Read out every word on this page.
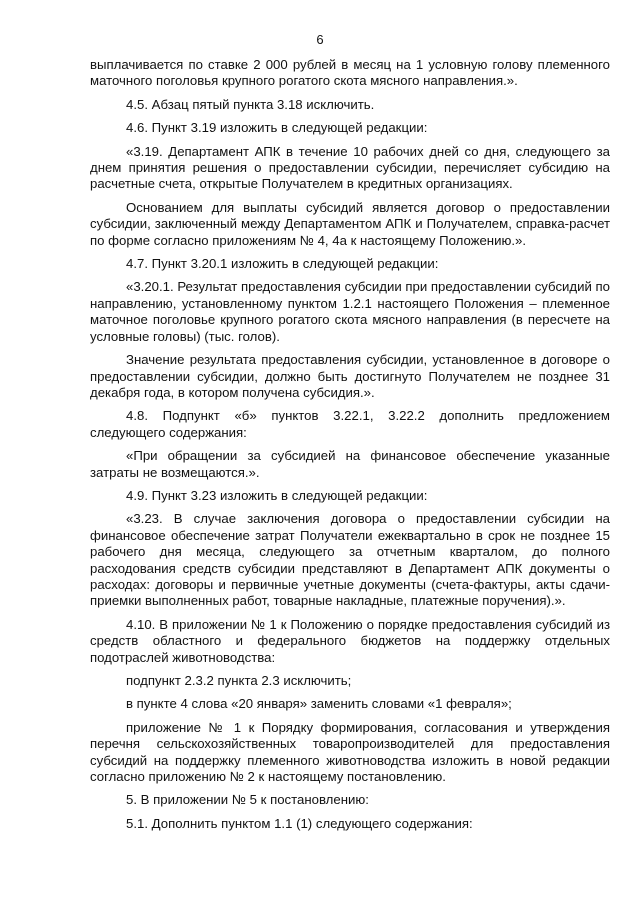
6

выплачивается по ставке 2 000 рублей в месяц на 1 условную голову племенного маточного поголовья крупного рогатого скота мясного направления.».

4.5. Абзац пятый пункта 3.18 исключить.

4.6. Пункт 3.19 изложить в следующей редакции:

«3.19. Департамент АПК в течение 10 рабочих дней со дня, следующего за днем принятия решения о предоставлении субсидии, перечисляет субсидию на расчетные счета, открытые Получателем в кредитных организациях.

Основанием для выплаты субсидий является договор о предоставлении субсидии, заключенный между Департаментом АПК и Получателем, справка-расчет по форме согласно приложениям № 4, 4а к настоящему Положению.».

4.7. Пункт 3.20.1 изложить в следующей редакции:

«3.20.1. Результат предоставления субсидии при предоставлении субсидий по направлению, установленному пунктом 1.2.1 настоящего Положения – племенное маточное поголовье крупного рогатого скота мясного направления (в пересчете на условные головы) (тыс. голов).

Значение результата предоставления субсидии, установленное в договоре о предоставлении субсидии, должно быть достигнуто Получателем не позднее 31 декабря года, в котором получена субсидия.».

4.8. Подпункт «б» пунктов 3.22.1, 3.22.2 дополнить предложением следующего содержания:

«При обращении за субсидией на финансовое обеспечение указанные затраты не возмещаются.».

4.9. Пункт 3.23 изложить в следующей редакции:

«3.23. В случае заключения договора о предоставлении субсидии на финансовое обеспечение затрат Получатели ежеквартально в срок не позднее 15 рабочего дня месяца, следующего за отчетным кварталом, до полного расходования средств субсидии представляют в Департамент АПК документы о расходах: договоры и первичные учетные документы (счета-фактуры, акты сдачи-приемки выполненных работ, товарные накладные, платежные поручения).».

4.10. В приложении № 1 к Положению о порядке предоставления субсидий из средств областного и федерального бюджетов на поддержку отдельных подотраслей животноводства:

подпункт 2.3.2 пункта 2.3 исключить;

в пункте 4 слова «20 января» заменить словами «1 февраля»;

приложение № 1 к Порядку формирования, согласования и утверждения перечня сельскохозяйственных товаропроизводителей для предоставления субсидий на поддержку племенного животноводства изложить в новой редакции согласно приложению № 2 к настоящему постановлению.

5. В приложении № 5 к постановлению:

5.1. Дополнить пунктом 1.1 (1) следующего содержания:
